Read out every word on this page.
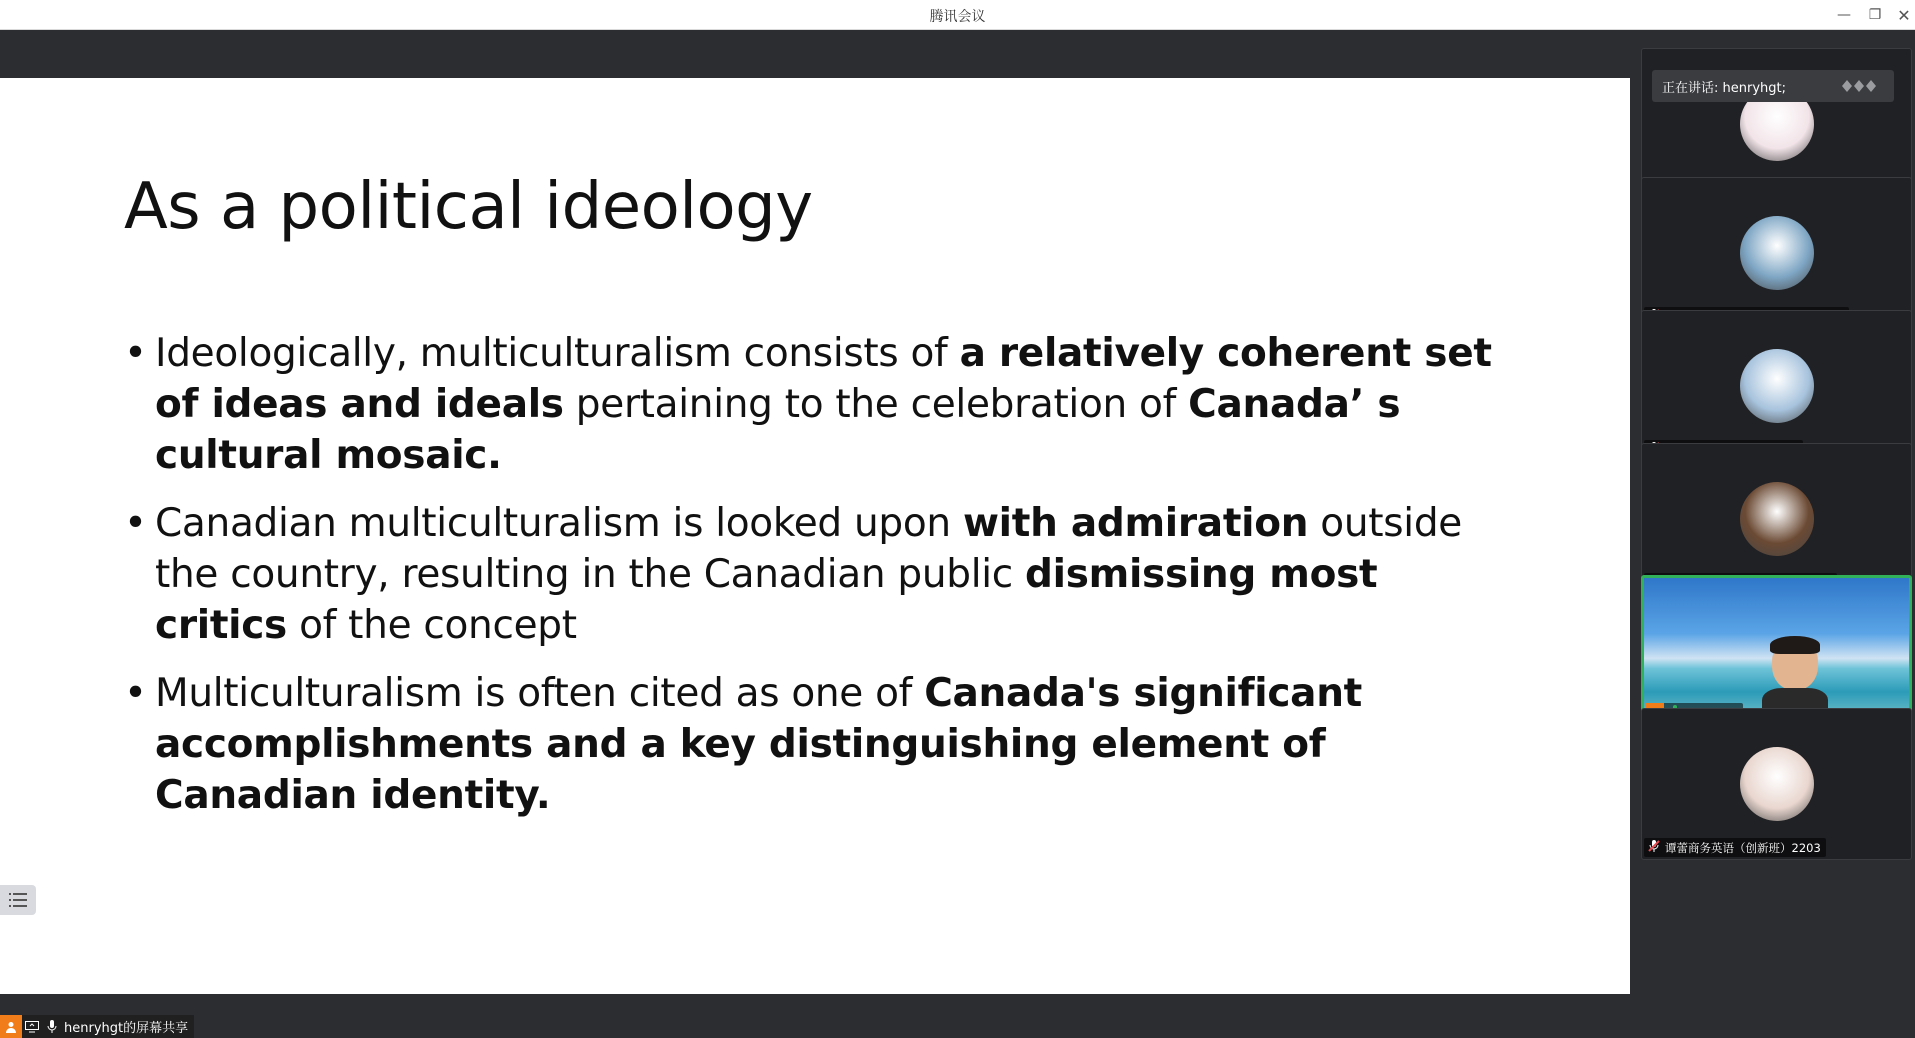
腾讯会议	—	❐ ✕
As a political ideology
• Ideologically, multiculturalism consists of a relatively coherent set of ideas and ideals pertaining to the celebration of Canada’ s cultural mosaic.
• Canadian multiculturalism is looked upon with admiration outside the country, resulting in the Canadian public dismissing most critics of the concept
• Multiculturalism is often cited as one of Canada's significant accomplishments and a key distinguishing element of Canadian identity.
henryhgt的屏幕共享
正在讲话: henryhgt;
谭蕾商务英语（创新班）2203
